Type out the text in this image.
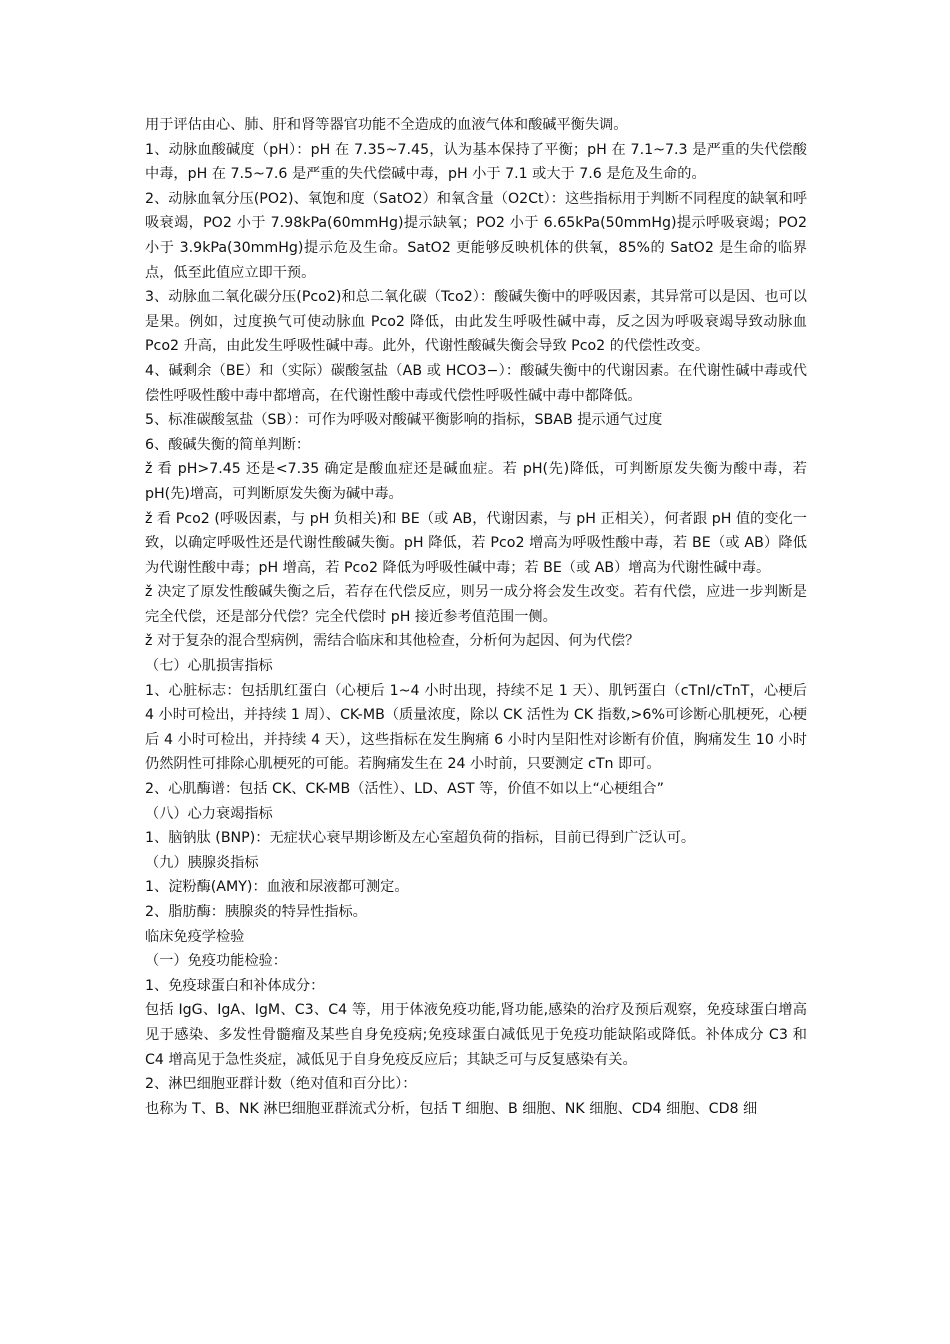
用于评估由心、肺、肝和肾等器官功能不全造成的血液气体和酸碱平衡失调。

1、动脉血酸碱度（pH）：pH 在 7.35~7.45，认为基本保持了平衡；pH 在 7.1~7.3 是严重的失代偿酸中毒，pH 在 7.5~7.6 是严重的失代偿碱中毒，pH 小于 7.1 或大于 7.6 是危及生命的。

2、动脉血氧分压(PO2)、氧饱和度（SatO2）和氧含量（O2Ct）：这些指标用于判断不同程度的缺氧和呼吸衰竭，PO2 小于 7.98kPa(60mmHg)提示缺氧；PO2 小于 6.65kPa(50mmHg)提示呼吸衰竭；PO2 小于 3.9kPa(30mmHg)提示危及生命。SatO2 更能够反映机体的供氧，85%的 SatO2 是生命的临界点，低至此值应立即干预。

3、动脉血二氧化碳分压(Pco2)和总二氧化碳（Tco2）：酸碱失衡中的呼吸因素，其异常可以是因、也可以是果。例如，过度换气可使动脉血 Pco2 降低，由此发生呼吸性碱中毒，反之因为呼吸衰竭导致动脉血 Pco2 升高，由此发生呼吸性碱中毒。此外，代谢性酸碱失衡会导致 Pco2 的代偿性改变。

4、碱剩余（BE）和（实际）碳酸氢盐（AB 或 HCO3−）：酸碱失衡中的代谢因素。在代谢性碱中毒或代偿性呼吸性酸中毒中都增高，在代谢性酸中毒或代偿性呼吸性碱中毒中都降低。

5、标准碳酸氢盐（SB）：可作为呼吸对酸碱平衡影响的指标，SBAB 提示通气过度

6、酸碱失衡的简单判断：

ž 看 pH>7.45 还是<7.35 确定是酸血症还是碱血症。若 pH(先)降低，可判断原发失衡为酸中毒，若 pH(先)增高，可判断原发失衡为碱中毒。

ž 看 Pco2 (呼吸因素，与 pH 负相关)和 BE（或 AB，代谢因素，与 pH 正相关），何者跟 pH 值的变化一致，以确定呼吸性还是代谢性酸碱失衡。pH 降低，若 Pco2 增高为呼吸性酸中毒，若 BE（或 AB）降低为代谢性酸中毒；pH 增高，若 Pco2 降低为呼吸性碱中毒；若 BE（或 AB）增高为代谢性碱中毒。

ž 决定了原发性酸碱失衡之后，若存在代偿反应，则另一成分将会发生改变。若有代偿，应进一步判断是完全代偿，还是部分代偿？完全代偿时 pH 接近参考值范围一侧。

ž 对于复杂的混合型病例，需结合临床和其他检查，分析何为起因、何为代偿？

（七）心肌损害指标

1、心脏标志：包括肌红蛋白（心梗后 1~4 小时出现，持续不足 1 天）、肌钙蛋白（cTnI/cTnT，心梗后 4 小时可检出，并持续 1 周）、CK-MB（质量浓度，除以 CK 活性为 CK 指数,>6%可诊断心肌梗死，心梗后 4 小时可检出，并持续 4 天），这些指标在发生胸痛 6 小时内呈阳性对诊断有价值，胸痛发生 10 小时仍然阴性可排除心肌梗死的可能。若胸痛发生在 24 小时前，只要测定 cTn 即可。

2、心肌酶谱：包括 CK、CK-MB（活性）、LD、AST 等，价值不如以上“心梗组合”

（八）心力衰竭指标

1、脑钠肽 (BNP)：无症状心衰早期诊断及左心室超负荷的指标，目前已得到广泛认可。

（九）胰腺炎指标

1、淀粉酶(AMY)：血液和尿液都可测定。

2、脂肪酶：胰腺炎的特异性指标。

临床免疫学检验

（一）免疫功能检验：

1、免疫球蛋白和补体成分：

包括 IgG、IgA、IgM、C3、C4 等，用于体液免疫功能,肾功能,感染的治疗及预后观察，免疫球蛋白增高见于感染、多发性骨髓瘤及某些自身免疫病;免疫球蛋白减低见于免疫功能缺陷或降低。补体成分 C3 和 C4 增高见于急性炎症，减低见于自身免疫反应后；其缺乏可与反复感染有关。

2、淋巴细胞亚群计数（绝对值和百分比）：

也称为 T、B、NK 淋巴细胞亚群流式分析，包括 T 细胞、B 细胞、NK 细胞、CD4 细胞、CD8 细
